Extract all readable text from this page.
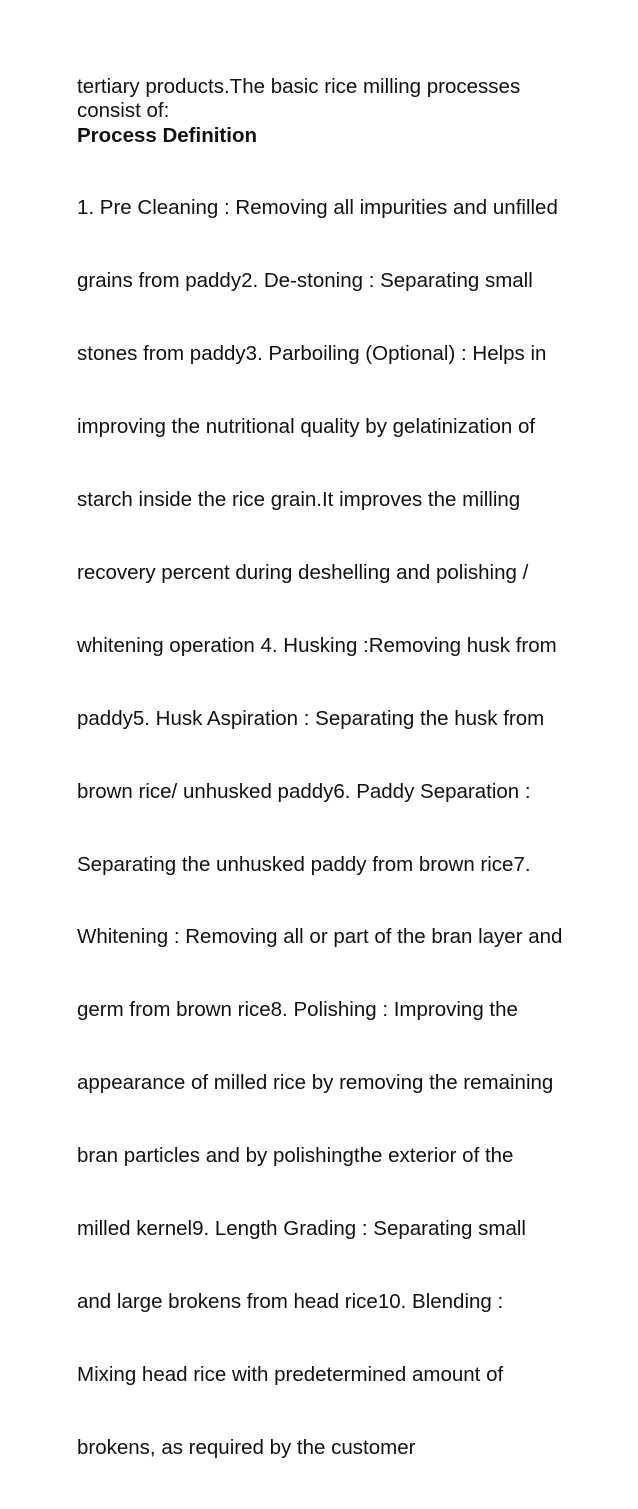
tertiary products.The basic rice milling processes
consist of:
Process Definition

1. Pre Cleaning : Removing all impurities and unfilled

grains from paddy2. De-stoning : Separating small

stones from paddy3. Parboiling (Optional) : Helps in

improving the nutritional quality by gelatinization of

starch inside the rice grain.It improves the milling

recovery percent during deshelling and polishing /

whitening operation 4. Husking :Removing husk from

paddy5. Husk Aspiration : Separating the husk from

brown rice/ unhusked paddy6. Paddy Separation :

Separating the unhusked paddy from brown rice7.

Whitening : Removing all or part of the bran layer and

germ from brown rice8. Polishing : Improving the

appearance of milled rice by removing the remaining

bran particles and by polishingthe exterior of the

milled kernel9. Length Grading : Separating small

and large brokens from head rice10. Blending :

Mixing head rice with predetermined amount of

brokens, as required by the customer
